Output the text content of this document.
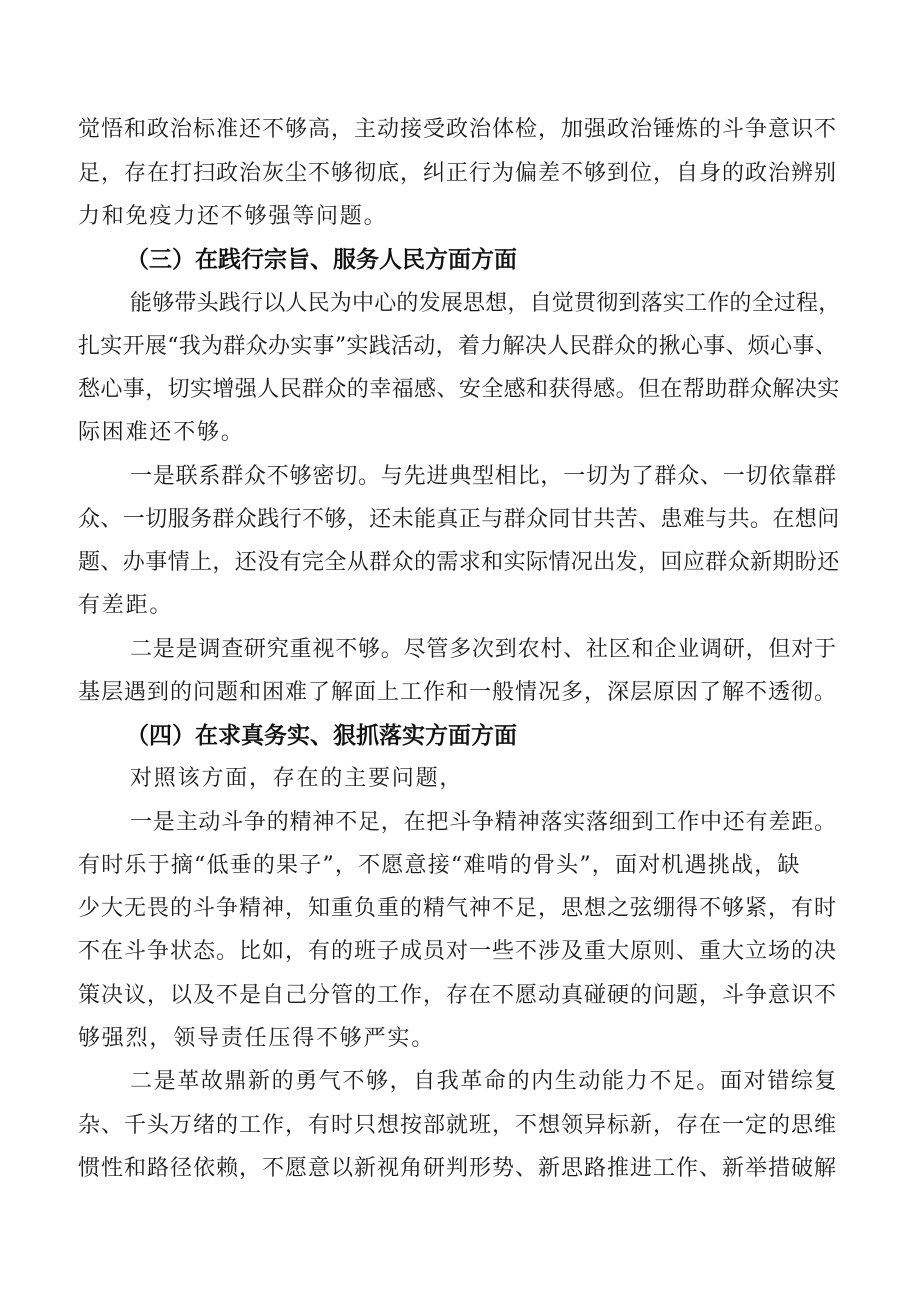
觉悟和政治标准还不够高，主动接受政治体检，加强政治锤炼的斗争意识不
足，存在打扫政治灰尘不够彻底，纠正行为偏差不够到位，自身的政治辨别
力和免疫力还不够强等问题。
（三）在践行宗旨、服务人民方面方面
能够带头践行以人民为中心的发展思想，自觉贯彻到落实工作的全过程，
扎实开展“我为群众办实事”实践活动，着力解决人民群众的揪心事、烦心事、
愁心事，切实增强人民群众的幸福感、安全感和获得感。但在帮助群众解决实
际困难还不够。
一是联系群众不够密切。与先进典型相比，一切为了群众、一切依靠群
众、一切服务群众践行不够，还未能真正与群众同甘共苦、患难与共。在想问
题、办事情上，还没有完全从群众的需求和实际情况出发，回应群众新期盼还
有差距。
二是是调查研究重视不够。尽管多次到农村、社区和企业调研，但对于
基层遇到的问题和困难了解面上工作和一般情况多，深层原因了解不透彻。
（四）在求真务实、狠抓落实方面方面
对照该方面，存在的主要问题，
一是主动斗争的精神不足，在把斗争精神落实落细到工作中还有差距。
有时乐于摘“低垂的果子”，不愿意接“难啃的骨头”，面对机遇挑战，缺
少大无畏的斗争精神，知重负重的精气神不足，思想之弦绷得不够紧，有时
不在斗争状态。比如，有的班子成员对一些不涉及重大原则、重大立场的决
策决议，以及不是自己分管的工作，存在不愿动真碰硬的问题，斗争意识不
够强烈，领导责任压得不够严实。
二是革故鼎新的勇气不够，自我革命的内生动能力不足。面对错综复
杂、千头万绪的工作，有时只想按部就班，不想领异标新，存在一定的思维
惯性和路径依赖，不愿意以新视角研判形势、新思路推进工作、新举措破解
